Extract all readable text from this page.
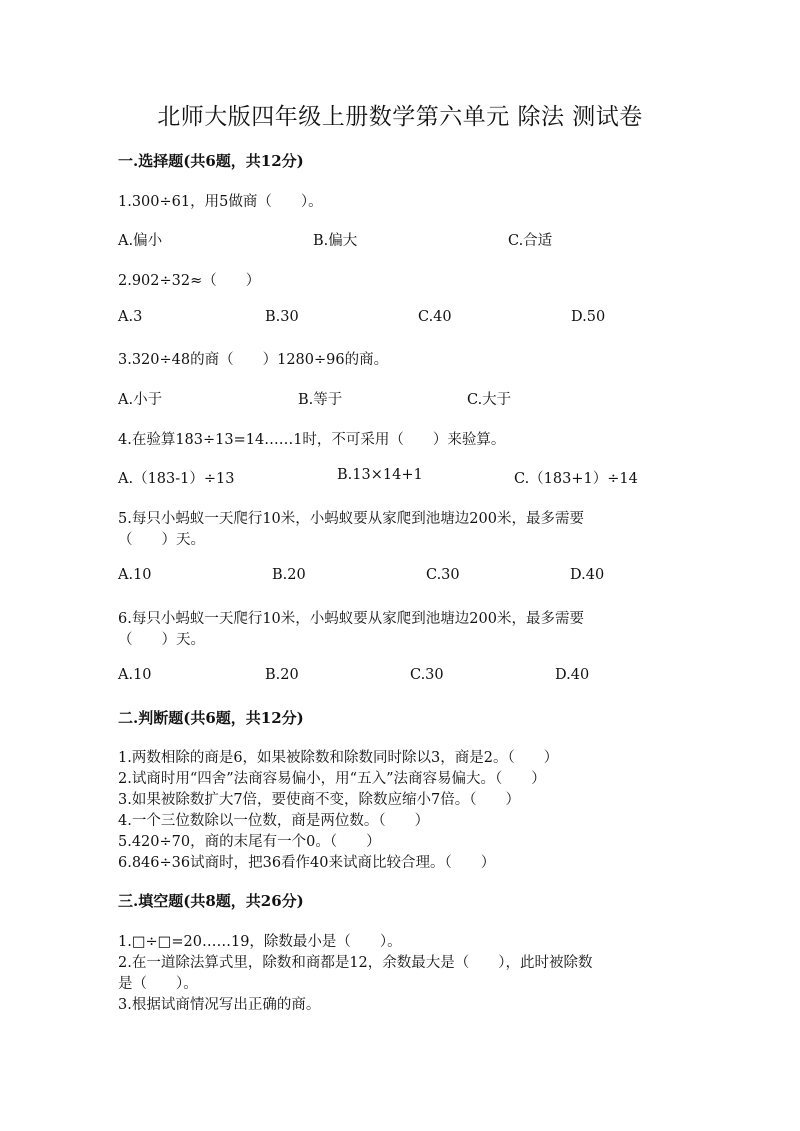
北师大版四年级上册数学第六单元 除法 测试卷
一.选择题(共6题，共12分)
1.300÷61，用5做商（　　）。
A.偏小	B.偏大	C.合适
2.902÷32≈（　　）
A.3	B.30	C.40	D.50
3.320÷48的商（　　）1280÷96的商。
A.小于	B.等于	C.大于
4.在验算183÷13=14……1时，不可采用（　　）来验算。
A.（183-1）÷13	B.13×14+1	C.（183+1）÷14
5.每只小蚂蚁一天爬行10米，小蚂蚁要从家爬到池塘边200米，最多需要
（　　）天。
A.10	B.20	C.30	D.40
6.每只小蚂蚁一天爬行10米，小蚂蚁要从家爬到池塘边200米，最多需要
（　　）天。
A.10	B.20	C.30	D.40
二.判断题(共6题，共12分)
1.两数相除的商是6，如果被除数和除数同时除以3，商是2。（　　）
2.试商时用“四舍”法商容易偏小，用“五入”法商容易偏大。（　　）
3.如果被除数扩大7倍，要使商不变，除数应缩小7倍。（　　）
4.一个三位数除以一位数，商是两位数。（　　）
5.420÷70，商的末尾有一个0。（　　）
6.846÷36试商时，把36看作40来试商比较合理。（　　）
三.填空题(共8题，共26分)
1.□÷□=20……19，除数最小是（　　）。
2.在一道除法算式里，除数和商都是12，余数最大是（　　），此时被除数
是（　　）。
3.根据试商情况写出正确的商。
